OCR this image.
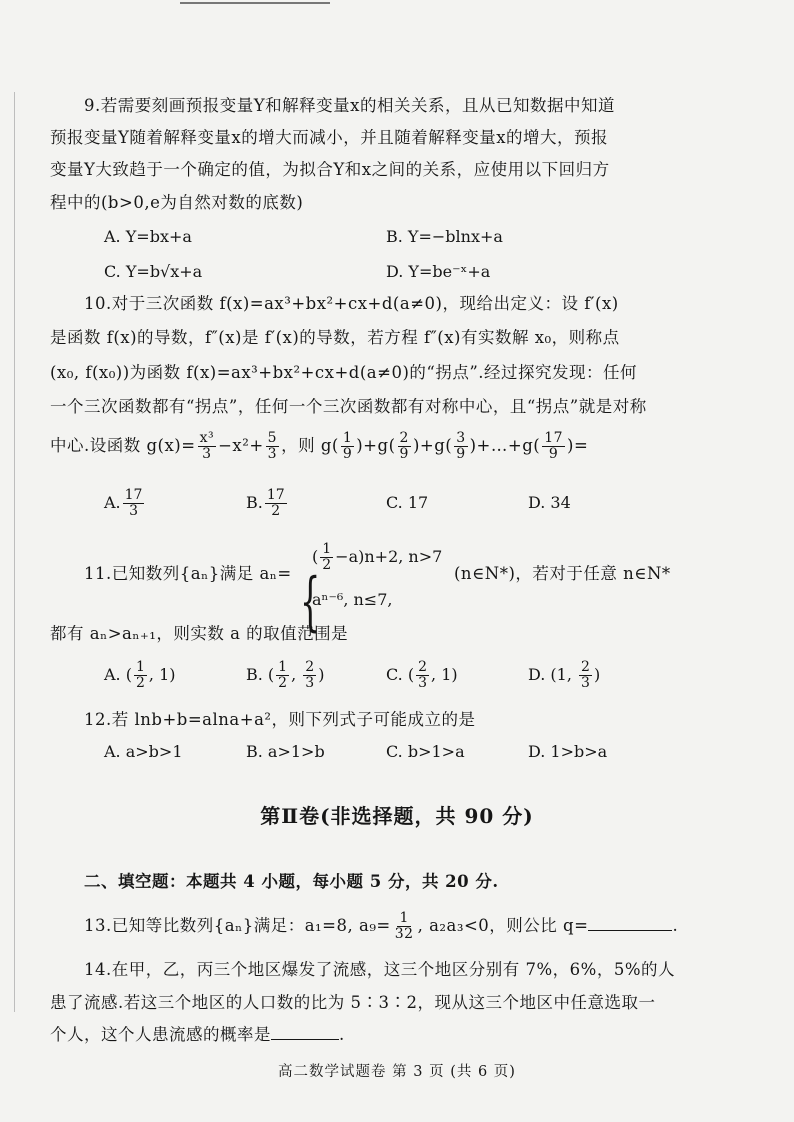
9.若需要刻画预报变量Y和解释变量x的相关关系，且从已知数据中知道
预报变量Y随着解释变量x的增大而减小，并且随着解释变量x的增大，预报
变量Y大致趋于一个确定的值，为拟合Y和x之间的关系，应使用以下回归方
程中的(b>0,e为自然对数的底数)
A. Y=bx+a	B. Y=−blnx+a
C. Y=b√x+a	D. Y=be⁻ˣ+a
10.对于三次函数 f(x)=ax³+bx²+cx+d(a≠0)，现给出定义：设 f′(x)
是函数 f(x)的导数，f″(x)是 f′(x)的导数，若方程 f″(x)有实数解 x₀，则称点
(x₀, f(x₀))为函数 f(x)=ax³+bx²+cx+d(a≠0)的“拐点”.经过探究发现：任何
一个三次函数都有“拐点”，任何一个三次函数都有对称中心，且“拐点”就是对称
中心.设函数 $g(x)= \frac{\text{x³}}{3} -x^2+ \frac{5}{3}$ ，则 $g( \frac{1}{9} )+g( \frac{2}{9} )+g( \frac{3}{9}$ )+…+g( $\frac{17}{9}$ )=
A. $\frac{17}{3}$	B. $\frac{17}{2}$	C. 17	D. 34
11.已知数列{aₙ}满足 aₙ= {
( $\frac{1}{2} -a)n+2$, n>7
aⁿ⁻⁶, n≤7,
(n∈N*)，若对于任意 n∈N*
都有 aₙ>aₙ₊₁，则实数 a 的取值范围是
A. ( $\frac{1}{2}$ , 1)	B. ( $\frac{1}{2}$ , $\frac{2}{3}$ )	C. ( $\frac{2}{3}$ , 1)	D. (1, $\frac{2}{3}$ )
12.若 lnb+b=alna+a²，则下列式子可能成立的是
A. a>b>1	B. a>1>b	C. b>1>a	D. 1>b>a
第Ⅱ卷(非选择题，共 90 分)
二、填空题：本题共 4 小题，每小题 5 分，共 20 分.
13.已知等比数列{aₙ}满足：a₁=8, $a_9= \frac{1}{32}$ , a₂a₃<0，则公比 q=	.
14.在甲，乙，丙三个地区爆发了流感，这三个地区分别有 7%，6%，5%的人
患了流感.若这三个地区的人口数的比为 5∶3∶2，现从这三个地区中任意选取一
个人，这个人患流感的概率是	.
高二数学试题卷 第 3 页 (共 6 页)
